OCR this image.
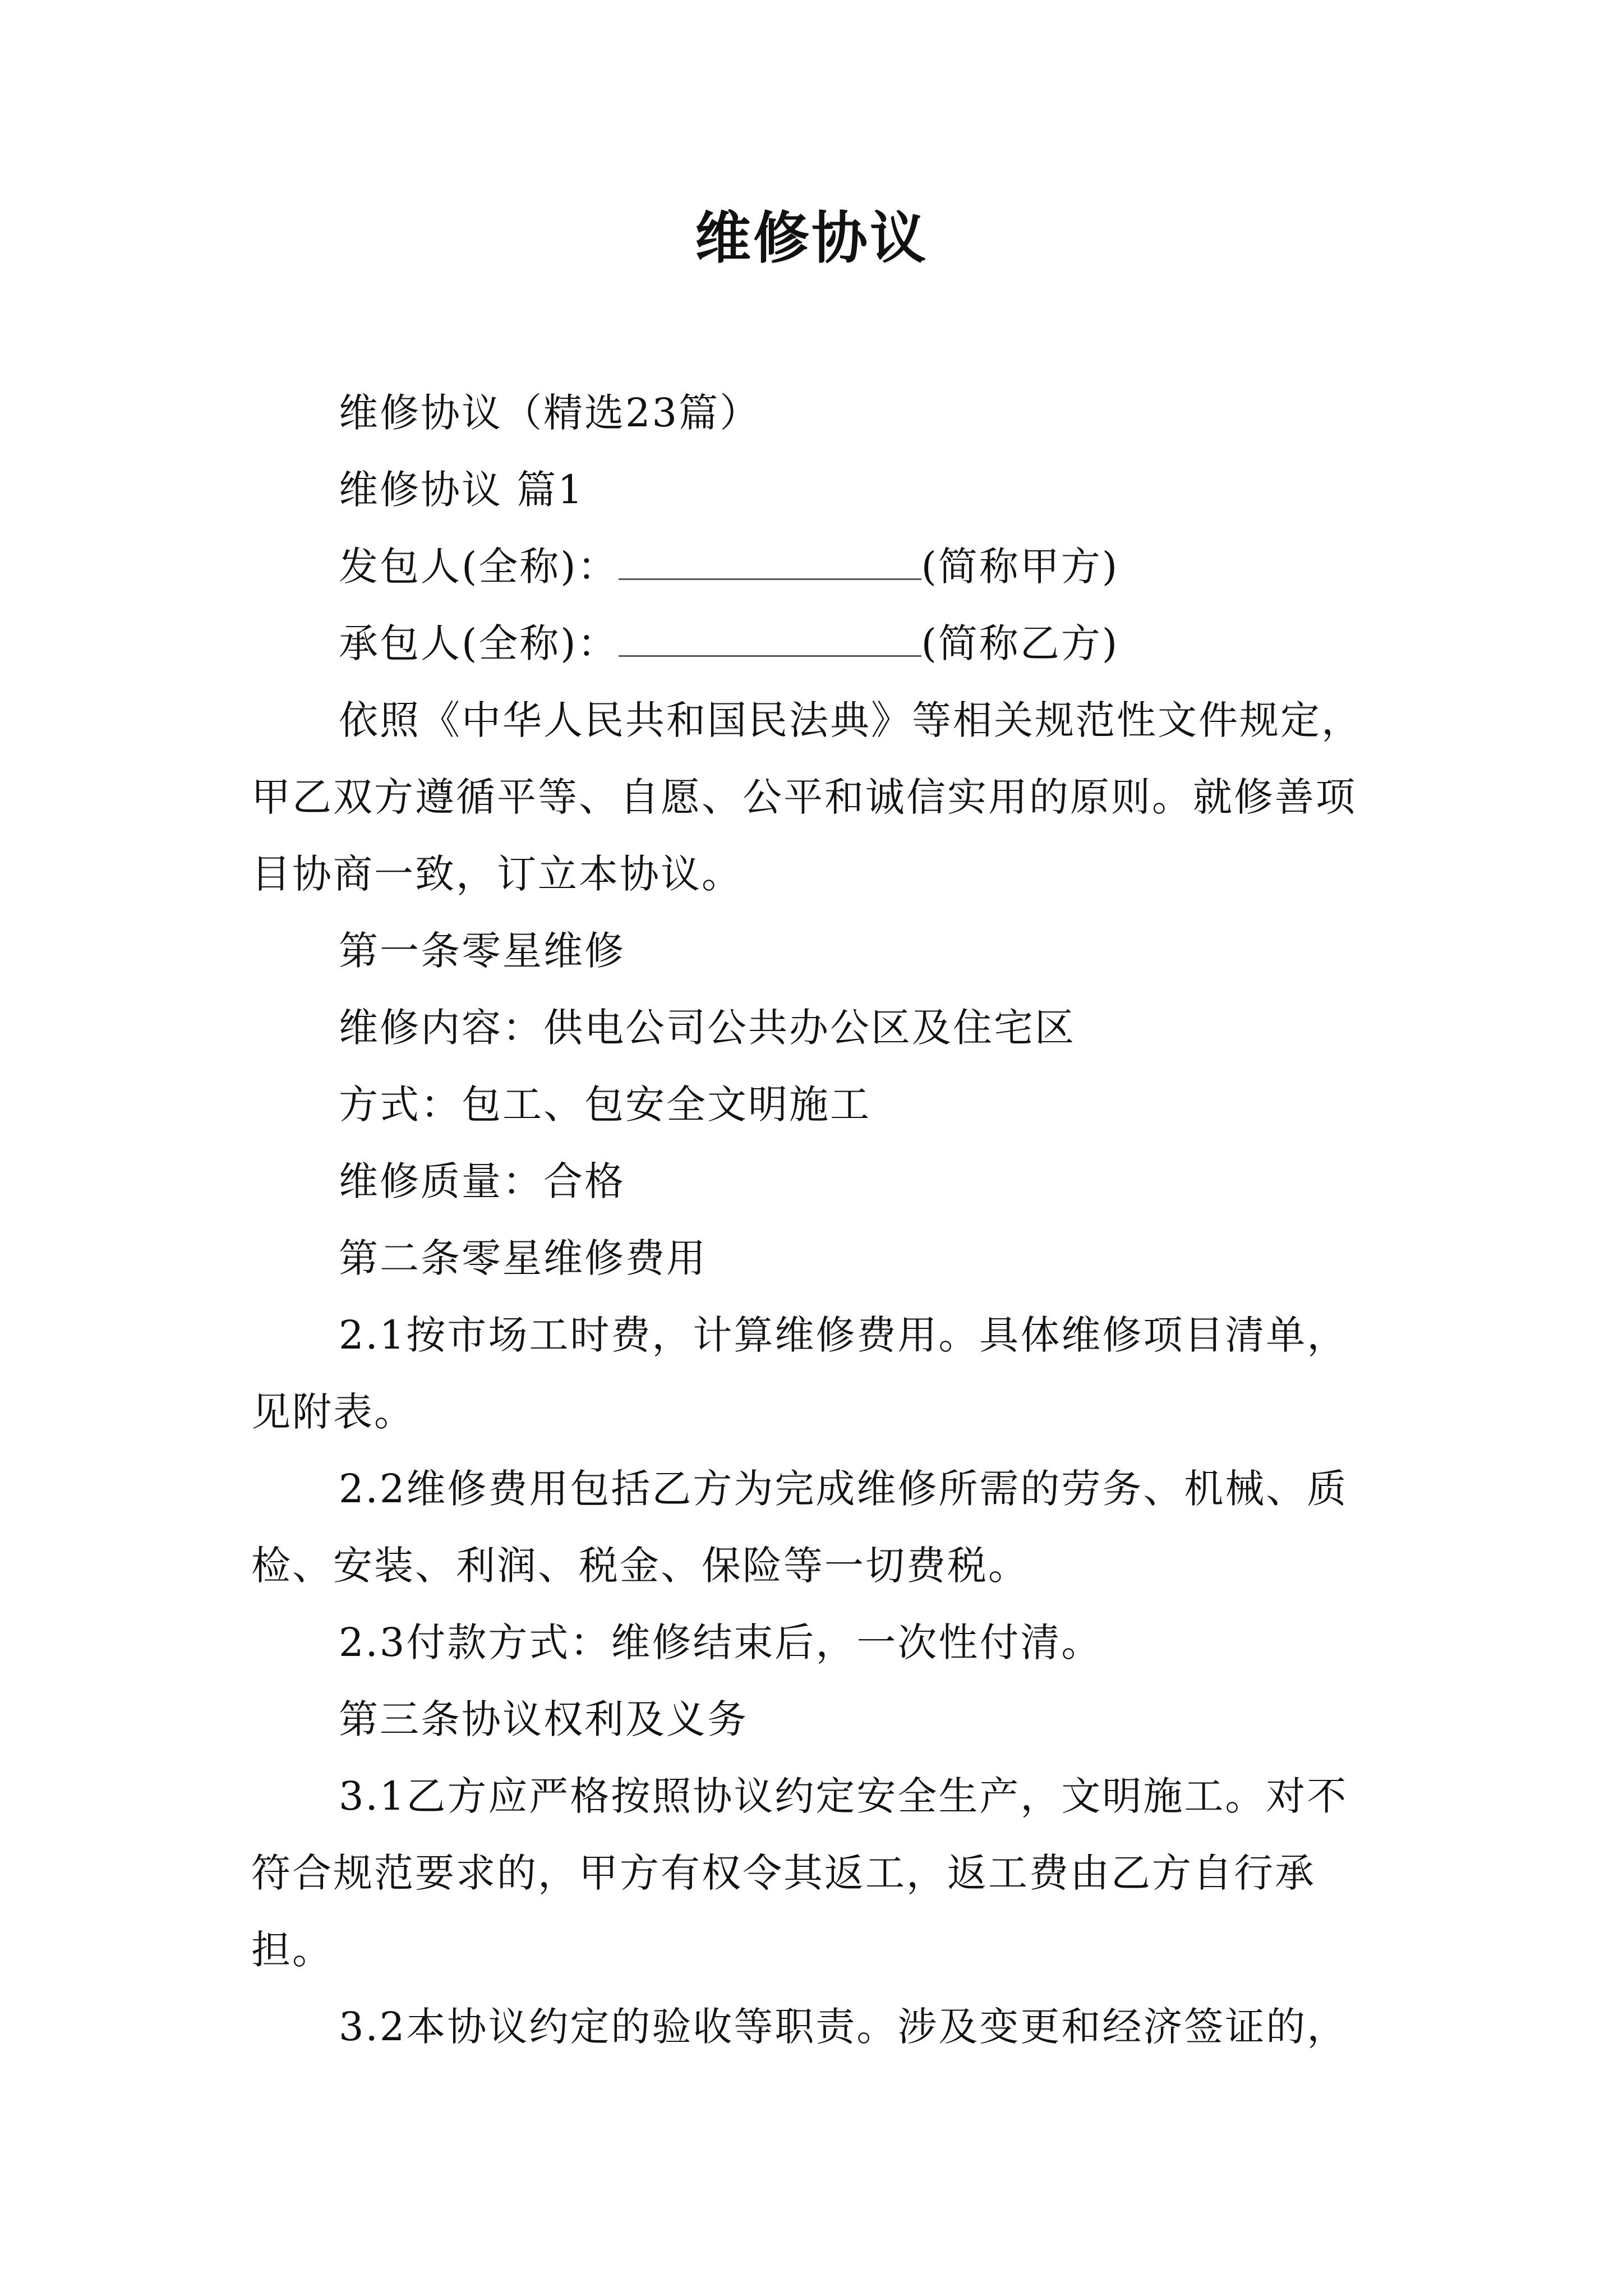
维修协议

维修协议（精选23篇）

维修协议 篇1

发包人(全称)：	(简称甲方)

承包人(全称)：	(简称乙方)

依照《中华人民共和国民法典》等相关规范性文件规定，甲乙双方遵循平等、自愿、公平和诚信实用的原则。就修善项目协商一致，订立本协议。

第一条零星维修

维修内容：供电公司公共办公区及住宅区

方式：包工、包安全文明施工

维修质量：合格

第二条零星维修费用

2.1按市场工时费，计算维修费用。具体维修项目清单，见附表。

2.2维修费用包括乙方为完成维修所需的劳务、机械、质检、安装、利润、税金、保险等一切费税。

2.3付款方式：维修结束后，一次性付清。

第三条协议权利及义务

3.1乙方应严格按照协议约定安全生产，文明施工。对不符合规范要求的，甲方有权令其返工，返工费由乙方自行承担。

3.2本协议约定的验收等职责。涉及变更和经济签证的，
